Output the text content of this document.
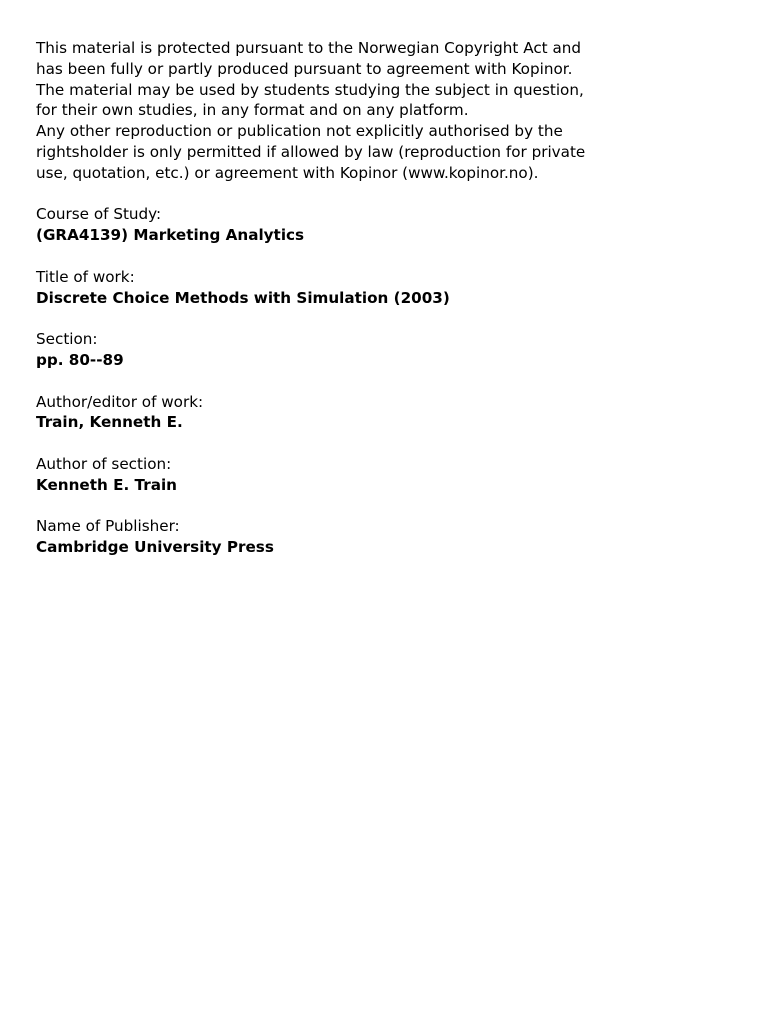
This material is protected pursuant to the Norwegian Copyright Act and
has been fully or partly produced pursuant to agreement with Kopinor.
The material may be used by students studying the subject in question,
for their own studies, in any format and on any platform.
Any other reproduction or publication not explicitly authorised by the
rightsholder is only permitted if allowed by law (reproduction for private
use, quotation, etc.) or agreement with Kopinor (www.kopinor.no).
Course of Study:
(GRA4139) Marketing Analytics
Title of work:
Discrete Choice Methods with Simulation (2003)
Section:
pp. 80--89
Author/editor of work:
Train, Kenneth E.
Author of section:
Kenneth E. Train
Name of Publisher:
Cambridge University Press
